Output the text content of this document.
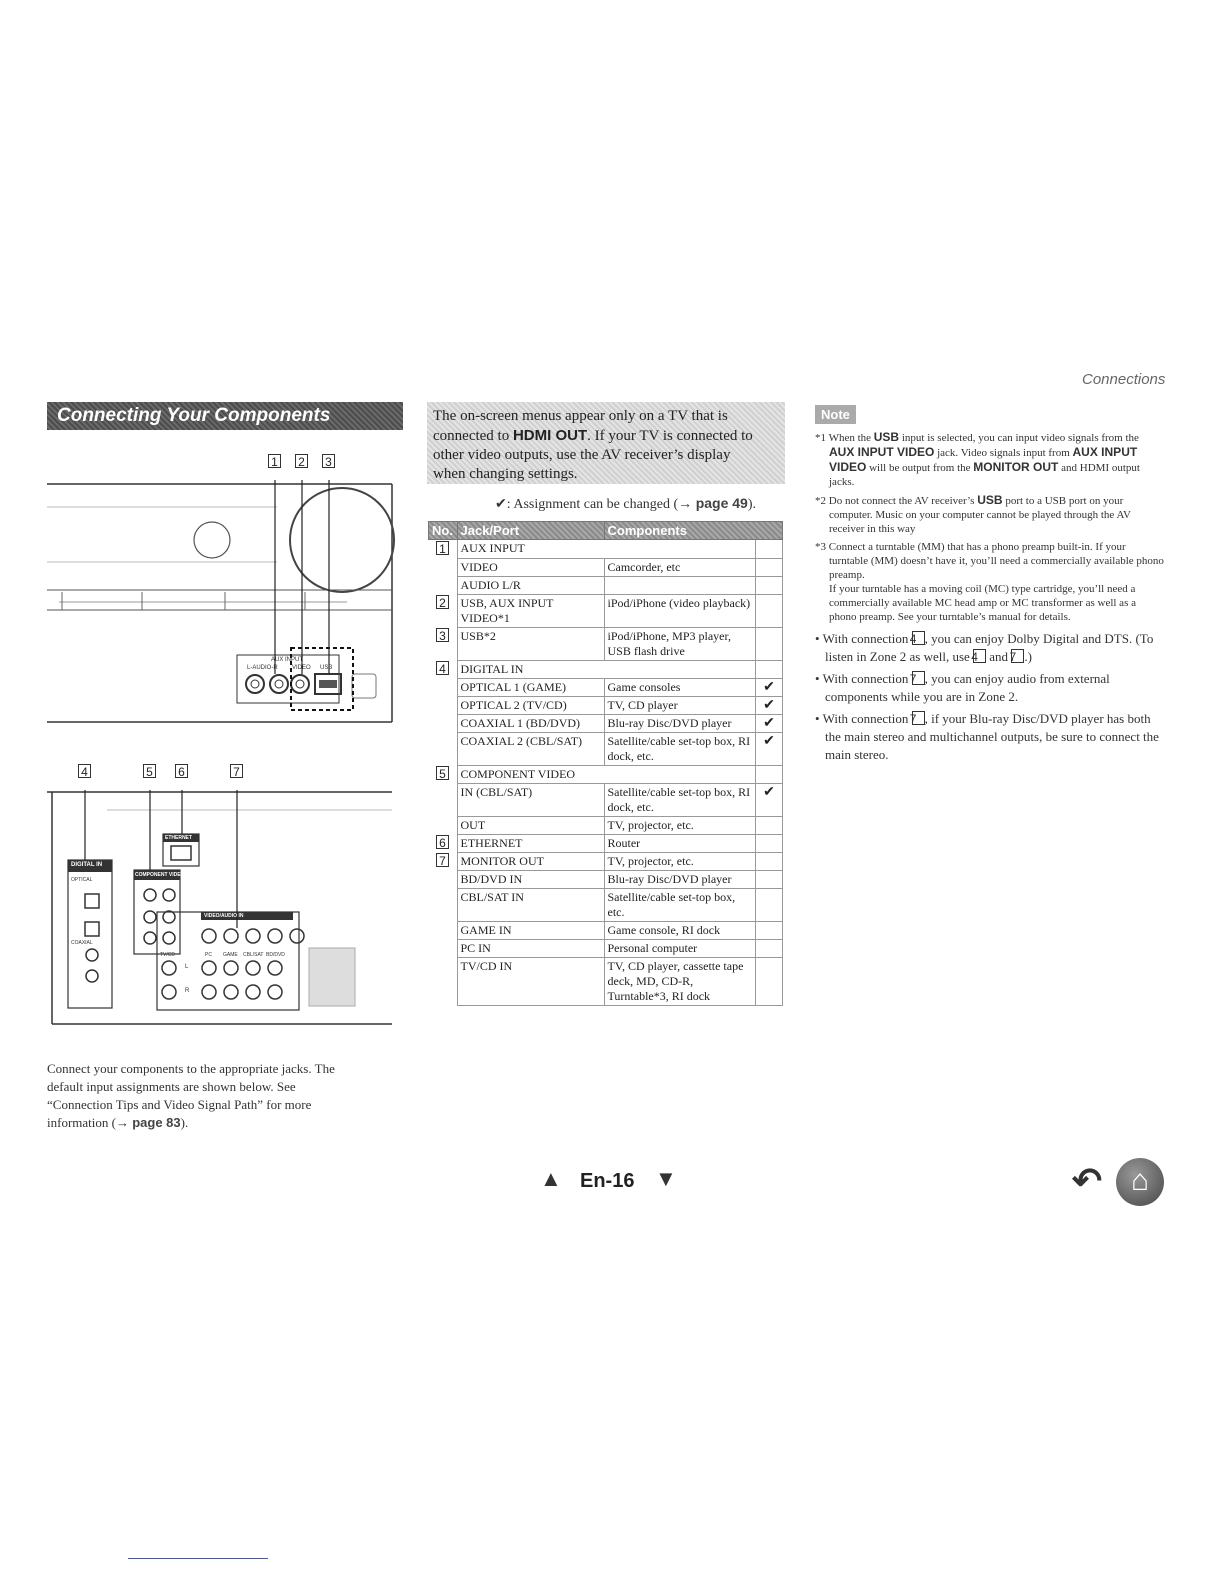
Connections
Connecting Your Components
1 2 3
AUX INPUT
L-AUDIO-R VIDEO USB
4	5 6	7
DIGITAL IN
OPTICAL
COAXIAL
COMPONENT VIDEO
ETHERNET
VIDEO/AUDIO IN
TV/CD	PC GAME CBL/SAT BD/DVD
L
R
Connect your components to the appropriate jacks. The
default input assignments are shown below. See
“Connection Tips and Video Signal Path” for more
information (→ page 83).
The on-screen menus appear only on a TV that is
connected to HDMI OUT. If your TV is connected to
other video outputs, use the AV receiver’s display
when changing settings.
✔: Assignment can be changed (→ page 49).
No.	Jack/Port	Components	
1	AUX INPUT		
	VIDEO	Camcorder, etc	
	AUDIO L/R		
2	USB, AUX INPUT VIDEO*1	iPod/iPhone (video playback)	
3	USB*2	iPod/iPhone, MP3 player, USB flash drive	
4	DIGITAL IN		
	OPTICAL 1 (GAME)	Game consoles	✔
	OPTICAL 2 (TV/CD)	TV, CD player	✔
	COAXIAL 1 (BD/DVD)	Blu-ray Disc/DVD player	✔
	COAXIAL 2 (CBL/SAT)	Satellite/cable set-top box, RI dock, etc.	✔
5	COMPONENT VIDEO		
	IN (CBL/SAT)	Satellite/cable set-top box, RI dock, etc.	✔
	OUT	TV, projector, etc.	
6	ETHERNET	Router	
7	MONITOR OUT	TV, projector, etc.	
	BD/DVD IN	Blu-ray Disc/DVD player	
	CBL/SAT IN	Satellite/cable set-top box, etc.	
	GAME IN	Game console, RI dock	
	PC IN	Personal computer	
	TV/CD IN	TV, CD player, cassette tape deck, MD, CD-R, Turntable*3, RI dock	
Note
*1 When the USB input is selected, you can input video signals from the AUX INPUT VIDEO jack. Video signals input from AUX INPUT VIDEO will be output from the MONITOR OUT and HDMI output jacks.
*2 Do not connect the AV receiver’s USB port to a USB port on your computer. Music on your computer cannot be played through the AV receiver in this way
*3 Connect a turntable (MM) that has a phono preamp built-in. If your turntable (MM) doesn’t have it, you’ll need a commercially available phono preamp.
If your turntable has a moving coil (MC) type cartridge, you’ll need a commercially available MC head amp or MC transformer as well as a phono preamp. See your turntable’s manual for details.
• With connection 4 , you can enjoy Dolby Digital and DTS. (To listen in Zone 2 as well, use 4 and 7 .)
• With connection 7 , you can enjoy audio from external components while you are in Zone 2.
• With connection 7 , if your Blu-ray Disc/DVD player has both the main stereo and multichannel outputs, be sure to connect the main stereo.
▲ En-16 ▼	↶ ⌂
